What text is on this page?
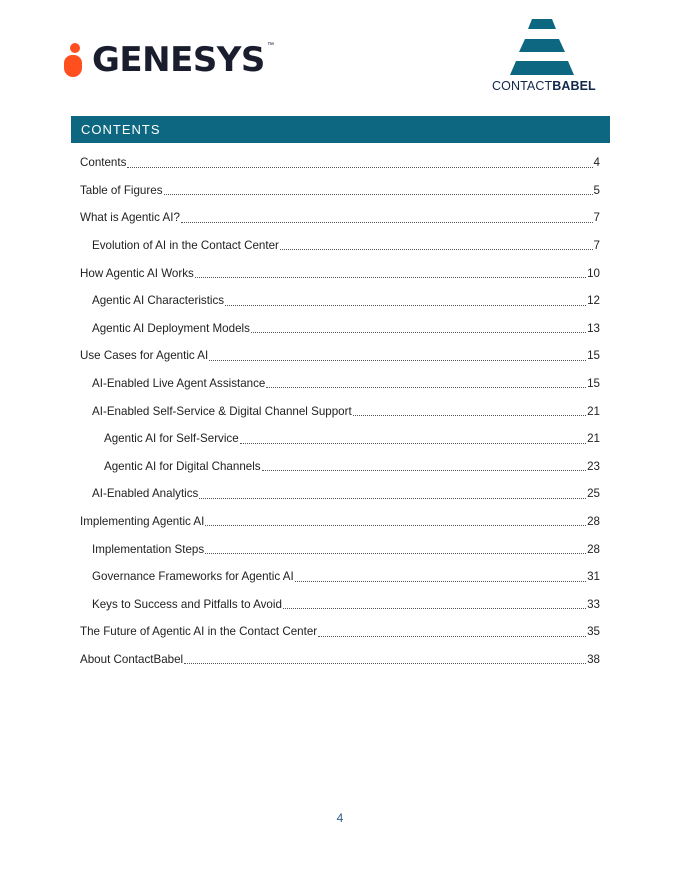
GENESYS ™
CONTACTBABEL
CONTENTS
Contents	4
Table of Figures	5
What is Agentic AI?	7
Evolution of AI in the Contact Center	7
How Agentic AI Works	10
Agentic AI Characteristics	12
Agentic AI Deployment Models	13
Use Cases for Agentic AI	15
AI-Enabled Live Agent Assistance	15
AI-Enabled Self-Service & Digital Channel Support	21
Agentic AI for Self-Service	21
Agentic AI for Digital Channels	23
AI-Enabled Analytics	25
Implementing Agentic AI	28
Implementation Steps	28
Governance Frameworks for Agentic AI	31
Keys to Success and Pitfalls to Avoid	33
The Future of Agentic AI in the Contact Center	35
About ContactBabel	38
4
